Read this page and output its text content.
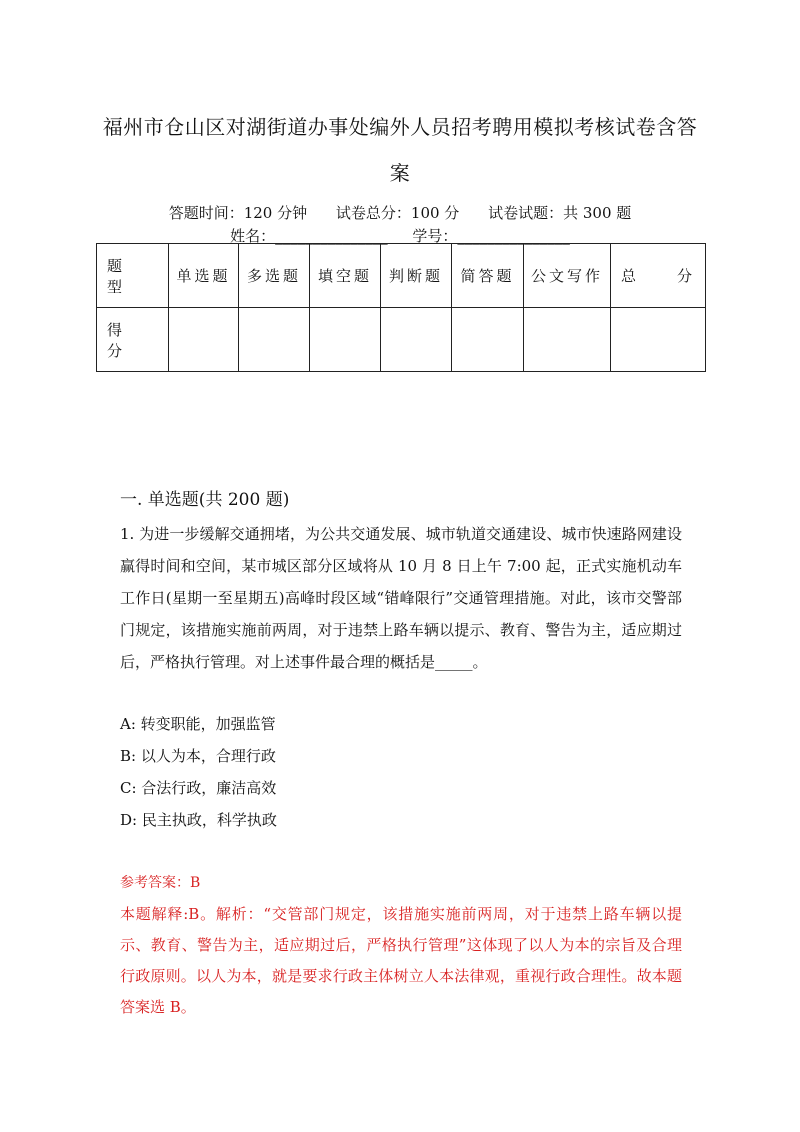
福州市仓山区对湖街道办事处编外人员招考聘用模拟考核试卷含答案
答题时间：120 分钟 试卷总分：100 分 试卷试题：共 300 题
姓名：_______________ 学号：_______________
题　型	单选题	多选题	填空题	判断题	简答题	公文写作	总　　分
得　分							
一. 单选题(共 200 题)
1. 为进一步缓解交通拥堵，为公共交通发展、城市轨道交通建设、城市快速路网建设赢得时间和空间，某市城区部分区域将从 10 月 8 日上午 7:00 起，正式实施机动车工作日(星期一至星期五)高峰时段区域“错峰限行”交通管理措施。对此，该市交警部门规定，该措施实施前两周，对于违禁上路车辆以提示、教育、警告为主，适应期过后，严格执行管理。对上述事件最合理的概括是_____。
A: 转变职能，加强监管
B: 以人为本，合理行政
C: 合法行政，廉洁高效
D: 民主执政，科学执政
参考答案：B
本题解释:B。解析：“交管部门规定，该措施实施前两周，对于违禁上路车辆以提示、教育、警告为主，适应期过后，严格执行管理”这体现了以人为本的宗旨及合理行政原则。以人为本，就是要求行政主体树立人本法律观，重视行政合理性。故本题答案选 B。
